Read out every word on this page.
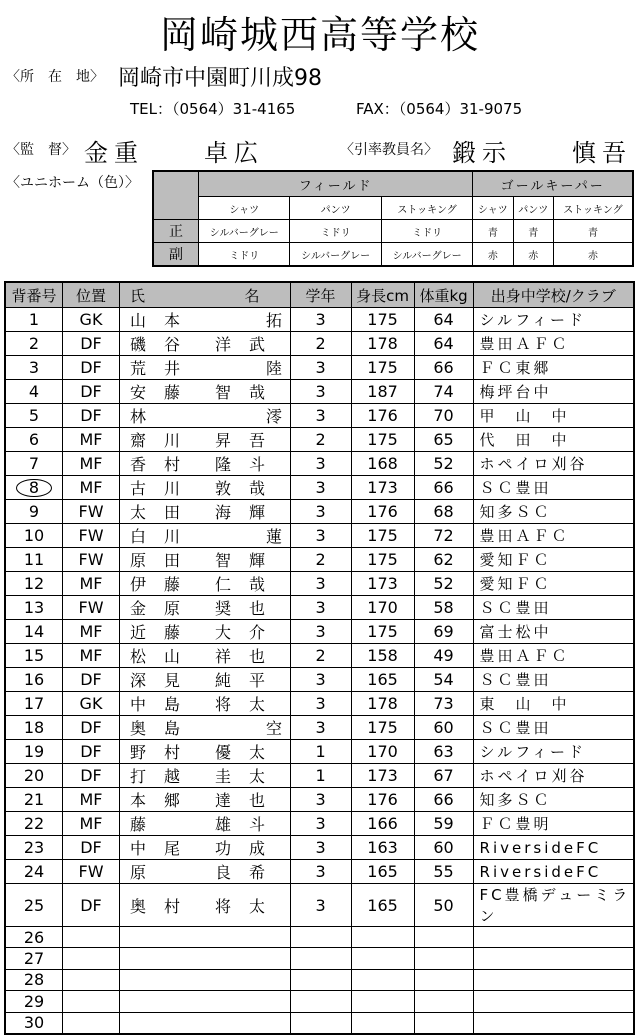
岡崎城西高等学校
〈所　在　地〉 岡崎市中園町川成98
TEL：（0564）31-4165	FAX：（0564）31-9075
〈監　督〉 金重　　卓広	〈引率教員名〉 鍛示　　慎吾
〈ユニホーム（色）〉
		フィールド			ゴールキーパー		
	シャツ	パンツ	ストッキング	シャツ	パンツ	ストッキング
正	シルバーグレー	ミドリ	ミドリ	青	青	青
副	ミドリ	シルバーグレー	シルバーグレー	赤	赤	赤
背番号	位置	氏 名	学年	身長cm	体重kg	出身中学校/クラブ
1	GK	山　本　　　　　拓	3	175	64	シルフィード
2	DF	磯　谷　　洋　武	2	178	64	豊田ＡＦＣ
3	DF	荒　井　　　　　陸	3	175	66	ＦＣ東郷
4	DF	安　藤　　智　哉	3	187	74	梅坪台中
5	DF	林　　　　　　　澪	3	176	70	甲　山　中
6	MF	齋　川　　昇　吾	2	175	65	代　田　中
7	MF	香　村　　隆　斗	3	168	52	ホペイロ刈谷
8	MF	古　川　　敦　哉	3	173	66	ＳＣ豊田
9	FW	太　田　　海　輝	3	176	68	知多ＳＣ
10	FW	白　川　　　　　蓮	3	175	72	豊田ＡＦＣ
11	FW	原　田　　智　輝	2	175	62	愛知ＦＣ
12	MF	伊　藤　　仁　哉	3	173	52	愛知ＦＣ
13	FW	金　原　　奨　也	3	170	58	ＳＣ豊田
14	MF	近　藤　　大　介	3	175	69	富士松中
15	MF	松　山　　祥　也	2	158	49	豊田ＡＦＣ
16	DF	深　見　　純　平	3	165	54	ＳＣ豊田
17	GK	中　島　　将　太	3	178	73	東　山　中
18	DF	奥　島　　　　　空	3	175	60	ＳＣ豊田
19	DF	野　村　　優　太	1	170	63	シルフィード
20	DF	打　越　　圭　太	1	173	67	ホペイロ刈谷
21	MF	本　郷　　達　也	3	176	66	知多ＳＣ
22	MF	藤　　　　雄　斗	3	166	59	ＦＣ豊明
23	DF	中　尾　　功　成	3	163	60	RiversideFC
24	FW	原　　　　良　希	3	165	55	RiversideFC
25	DF	奥　村　　将　太	3	165	50	FC豊橋デューミラン
26						
27						
28						
29						
30						
